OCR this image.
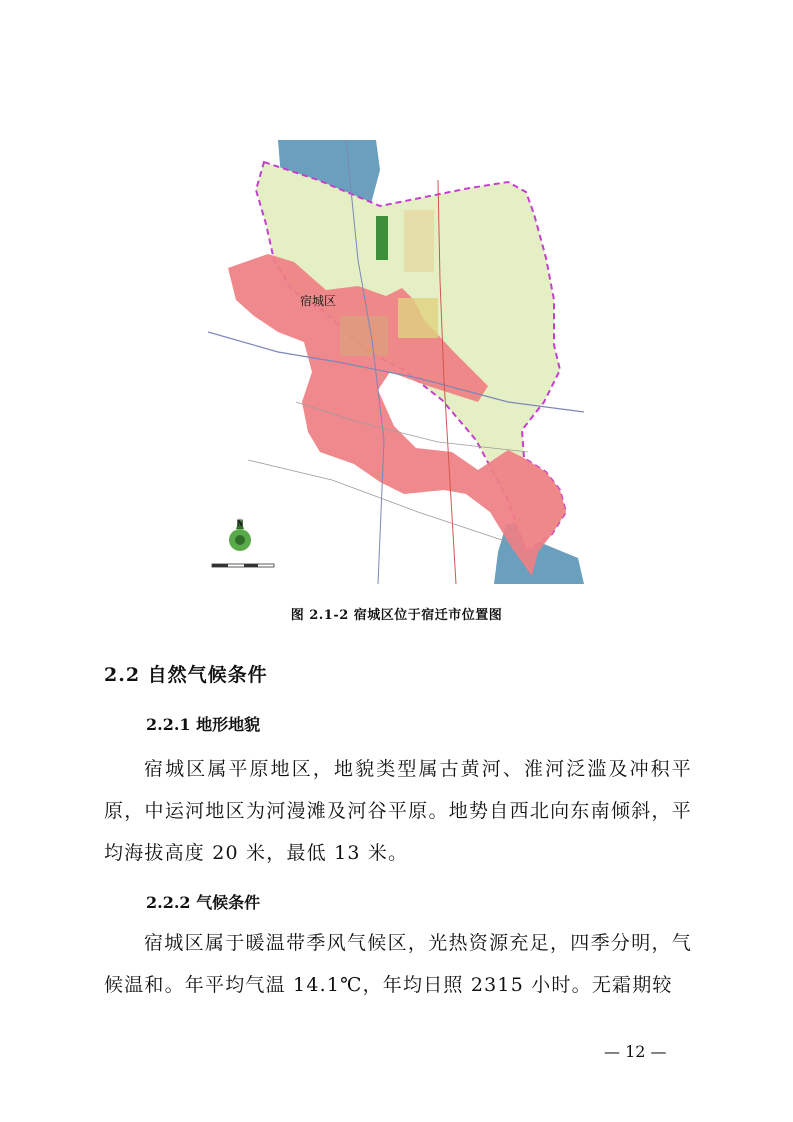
宿城区
N
图 2.1-2 宿城区位于宿迁市位置图
2.2 自然气候条件
2.2.1 地形地貌

宿城区属平原地区，地貌类型属古黄河、淮河泛滥及冲积平原，中运河地区为河漫滩及河谷平原。地势自西北向东南倾斜，平均海拔高度 20 米，最低 13 米。

2.2.2 气候条件

宿城区属于暖温带季风气候区，光热资源充足，四季分明，气候温和。年平均气温 14.1℃，年均日照 2315 小时。无霜期较

— 12 —
